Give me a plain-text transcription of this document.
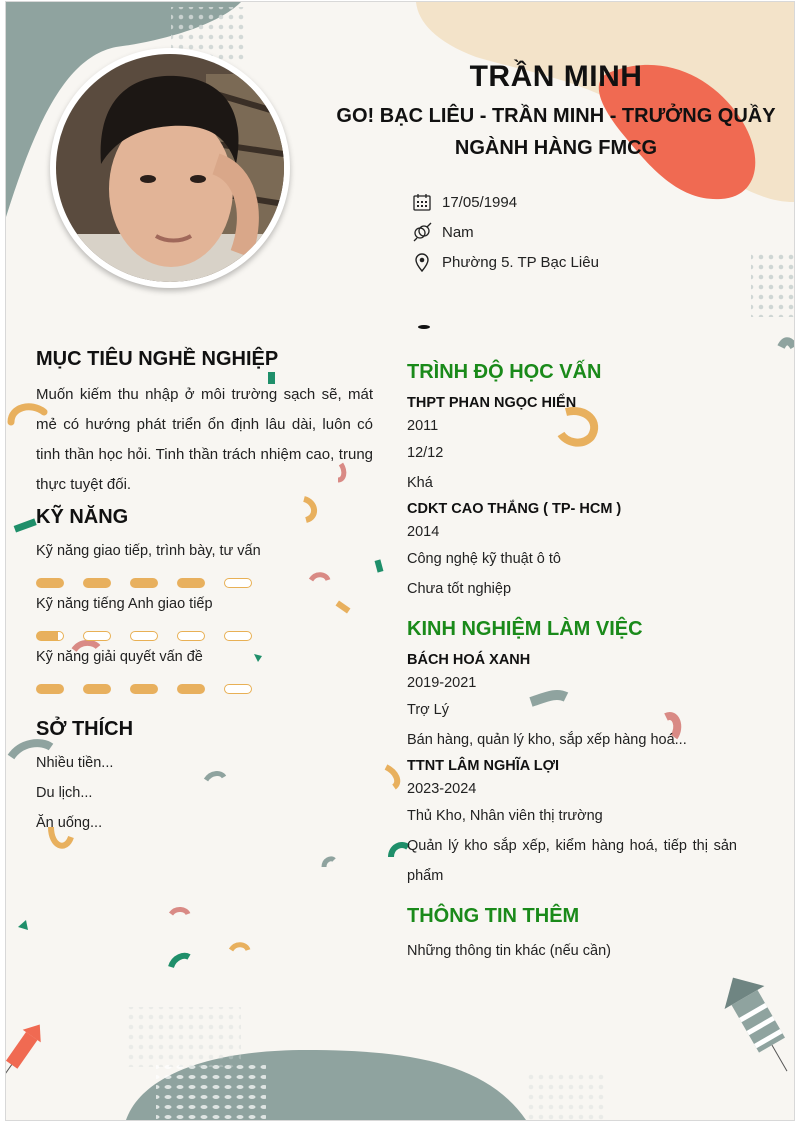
TRẦN MINH
GO! BẠC LIÊU - TRẦN MINH - TRƯỞNG QUẦY
NGÀNH HÀNG FMCG
17/05/1994
Nam
Phường 5. TP Bạc Liêu
MỤC TIÊU NGHỀ NGHIỆP
Muốn kiếm thu nhập ở môi trường sạch sẽ, mát mẻ có hướng phát triển ổn định lâu dài, luôn có tinh thần học hỏi. Tinh thần trách nhiệm cao, trung thực tuyệt đối.
KỸ NĂNG
Kỹ năng giao tiếp, trình bày, tư vấn
Kỹ năng tiếng Anh giao tiếp
Kỹ năng giải quyết vấn đề
SỞ THÍCH
Nhiều tiền...
Du lịch...
Ăn uống...
TRÌNH ĐỘ HỌC VẤN
THPT PHAN NGỌC HIỂN
2011
12/12
Khá
CDKT CAO THẮNG ( TP- HCM )
2014
Công nghệ kỹ thuật ô tô
Chưa tốt nghiệp
KINH NGHIỆM LÀM VIỆC
BÁCH HOÁ XANH
2019-2021
Trợ Lý
Bán hàng, quản lý kho, sắp xếp hàng hoá...
TTNT LÂM NGHĨA LỢI
2023-2024
Thủ Kho, Nhân viên thị trường
Quản lý kho sắp xếp, kiểm hàng hoá, tiếp thị sản phẩm
THÔNG TIN THÊM
Những thông tin khác (nếu cần)
